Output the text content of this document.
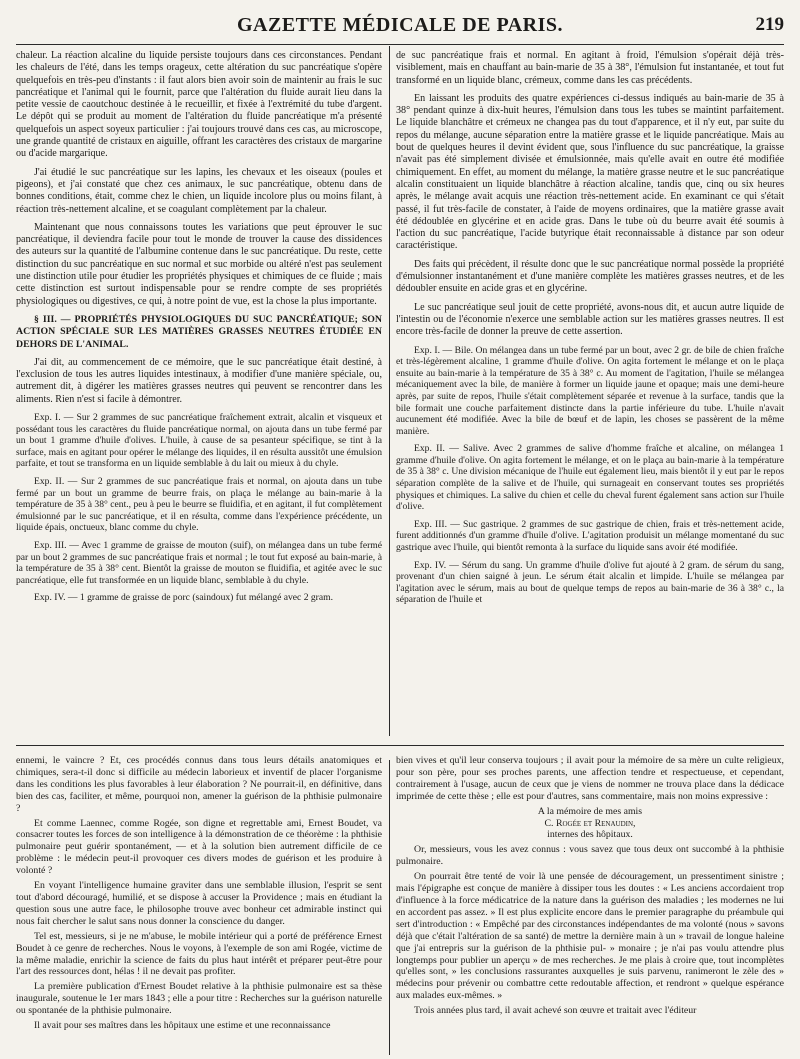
GAZETTE MÉDICALE DE PARIS.	219

chaleur. La réaction alcaline du liquide persiste toujours dans ces circonstances. Pendant les chaleurs de l'été, dans les temps orageux, cette altération du suc pancréatique s'opère quelquefois en très-peu d'instants : il faut alors bien avoir soin de maintenir au frais le suc pancréatique et l'animal qui le fournit, parce que l'altération du fluide aurait lieu dans la petite vessie de caoutchouc destinée à le recueillir, et fixée à l'extrémité du tube d'argent. Le dépôt qui se produit au moment de l'altération du fluide pancréatique m'a présenté quelquefois un aspect soyeux particulier : j'ai toujours trouvé dans ces cas, au microscope, une grande quantité de cristaux en aiguille, offrant les caractères des cristaux de margarine ou d'acide margarique.

J'ai étudié le suc pancréatique sur les lapins, les chevaux et les oiseaux (poules et pigeons), et j'ai constaté que chez ces animaux, le suc pancréatique, obtenu dans de bonnes conditions, était, comme chez le chien, un liquide incolore plus ou moins filant, à réaction très-nettement alcaline, et se coagulant complètement par la chaleur.

Maintenant que nous connaissons toutes les variations que peut éprouver le suc pancréatique, il deviendra facile pour tout le monde de trouver la cause des dissidences des auteurs sur la quantité de l'albumine contenue dans le suc pancréatique. Du reste, cette distinction du suc pancréatique en suc normal et suc morbide ou altéré n'est pas seulement une distinction utile pour étudier les propriétés physiques et chimiques de ce fluide ; mais cette distinction est surtout indispensable pour se rendre compte de ses propriétés physiologiques ou digestives, ce qui, à notre point de vue, est la chose la plus importante.

§ III. — PROPRIÉTÉS PHYSIOLOGIQUES DU SUC PANCRÉATIQUE; SON ACTION SPÉCIALE SUR LES MATIÈRES GRASSES NEUTRES ÉTUDIÉE EN DEHORS DE L'ANIMAL.

J'ai dit, au commencement de ce mémoire, que le suc pancréatique était destiné, à l'exclusion de tous les autres liquides intestinaux, à modifier d'une manière spéciale, ou, autrement dit, à digérer les matières grasses neutres qui peuvent se rencontrer dans les aliments. Rien n'est si facile à démontrer.

Exp. I. — Sur 2 grammes de suc pancréatique fraîchement extrait, alcalin et visqueux et possédant tous les caractères du fluide pancréatique normal, on ajouta dans un tube fermé par un bout 1 gramme d'huile d'olives. L'huile, à cause de sa pesanteur spécifique, se tint à la surface, mais en agitant pour opérer le mélange des liquides, il en résulta aussitôt une émulsion parfaite, et tout se transforma en un liquide semblable à du lait ou mieux à du chyle.

Exp. II. — Sur 2 grammes de suc pancréatique frais et normal, on ajouta dans un tube fermé par un bout un gramme de beurre frais, on plaça le mélange au bain-marie à la température de 35 à 38° cent., peu à peu le beurre se fluidifia, et en agitant, il fut complètement émulsionné par le suc pancréatique, et il en résulta, comme dans l'expérience précédente, un liquide épais, onctueux, blanc comme du chyle.

Exp. III. — Avec 1 gramme de graisse de mouton (suif), on mélangea dans un tube fermé par un bout 2 grammes de suc pancréatique frais et normal ; le tout fut exposé au bain-marie, à la température de 35 à 38° cent. Bientôt la graisse de mouton se fluidifia, et agitée avec le suc pancréatique, elle fut transformée en un liquide blanc, semblable à du chyle.

Exp. IV. — 1 gramme de graisse de porc (saindoux) fut mélangé avec 2 gram.

de suc pancréatique frais et normal. En agitant à froid, l'émulsion s'opérait déjà très-visiblement, mais en chauffant au bain-marie de 35 à 38°, l'émulsion fut instantanée, et tout fut transformé en un liquide blanc, crémeux, comme dans les cas précédents.

En laissant les produits des quatre expériences ci-dessus indiqués au bain-marie de 35 à 38° pendant quinze à dix-huit heures, l'émulsion dans tous les tubes se maintint parfaitement. Le liquide blanchâtre et crémeux ne changea pas du tout d'apparence, et il n'y eut, par suite du repos du mélange, aucune séparation entre la matière grasse et le liquide pancréatique. Mais au bout de quelques heures il devint évident que, sous l'influence du suc pancréatique, la graisse n'avait pas été simplement divisée et émulsionnée, mais qu'elle avait en outre été modifiée chimiquement. En effet, au moment du mélange, la matière grasse neutre et le suc pancréatique alcalin constituaient un liquide blanchâtre à réaction alcaline, tandis que, cinq ou six heures après, le mélange avait acquis une réaction très-nettement acide. En examinant ce qui s'était passé, il fut très-facile de constater, à l'aide de moyens ordinaires, que la matière grasse avait été dédoublée en glycérine et en acide gras. Dans le tube où du beurre avait été soumis à l'action du suc pancréatique, l'acide butyrique était reconnaissable à distance par son odeur caractéristique.

Des faits qui précèdent, il résulte donc que le suc pancréatique normal possède la propriété d'émulsionner instantanément et d'une manière complète les matières grasses neutres, et de les dédoubler ensuite en acide gras et en glycérine.

Le suc pancréatique seul jouit de cette propriété, avons-nous dit, et aucun autre liquide de l'intestin ou de l'économie n'exerce une semblable action sur les matières grasses neutres. Il est encore très-facile de donner la preuve de cette assertion.

Exp. I. — Bile. On mélangea dans un tube fermé par un bout, avec 2 gr. de bile de chien fraîche et très-légèrement alcaline, 1 gramme d'huile d'olive. On agita fortement le mélange et on le plaça ensuite au bain-marie à la température de 35 à 38° c. Au moment de l'agitation, l'huile se mélangea mécaniquement avec la bile, de manière à former un liquide jaune et opaque; mais une demi-heure après, par suite de repos, l'huile s'était complètement séparée et revenue à la surface, tandis que la bile formait une couche parfaitement distincte dans la partie inférieure du tube. L'huile n'avait aucunement été modifiée. Avec la bile de bœuf et de lapin, les choses se passèrent de la même manière.

Exp. II. — Salive. Avec 2 grammes de salive d'homme fraîche et alcaline, on mélangea 1 gramme d'huile d'olive. On agita fortement le mélange, et on le plaça au bain-marie à la température de 35 à 38° c. Une division mécanique de l'huile eut également lieu, mais bientôt il y eut par le repos séparation complète de la salive et de l'huile, qui surnageait en conservant toutes ses propriétés physiques et chimiques. La salive du chien et celle du cheval furent également sans action sur l'huile d'olive.

Exp. III. — Suc gastrique. 2 grammes de suc gastrique de chien, frais et très-nettement acide, furent additionnés d'un gramme d'huile d'olive. L'agitation produisit un mélange momentané du suc gastrique avec l'huile, qui bientôt remonta à la surface du liquide sans avoir été modifiée.

Exp. IV. — Sérum du sang. Un gramme d'huile d'olive fut ajouté à 2 gram. de sérum du sang, provenant d'un chien saigné à jeun. Le sérum était alcalin et limpide. L'huile se mélangea par l'agitation avec le sérum, mais au bout de quelque temps de repos au bain-marie de 36 à 38° c., la séparation de l'huile et

ennemi, le vaincre ? Et, ces procédés connus dans tous leurs détails anatomiques et chimiques, sera-t-il donc si difficile au médecin laborieux et inventif de placer l'organisme dans les conditions les plus favorables à leur élaboration ? Ne pourrait-il, en définitive, dans bien des cas, faciliter, et même, pourquoi non, amener la guérison de la phthisie pulmonaire ?

Et comme Laennec, comme Rogée, son digne et regrettable ami, Ernest Boudet, va consacrer toutes les forces de son intelligence à la démonstration de ce théorème : la phthisie pulmonaire peut guérir spontanément, — et à la solution bien autrement difficile de ce problème : le médecin peut-il provoquer ces divers modes de guérison et les produire à volonté ?

En voyant l'intelligence humaine graviter dans une semblable illusion, l'esprit se sent tout d'abord découragé, humilié, et se dispose à accuser la Providence ; mais en étudiant la question sous une autre face, le philosophe trouve avec bonheur cet admirable instinct qui nous fait chercher le salut sans nous donner la conscience du danger.

Tel est, messieurs, si je ne m'abuse, le mobile intérieur qui a porté de préférence Ernest Boudet à ce genre de recherches. Nous le voyons, à l'exemple de son ami Rogée, victime de la même maladie, enrichir la science de faits du plus haut intérêt et préparer peut-être pour l'art des ressources dont, hélas ! il ne devait pas profiter.

La première publication d'Ernest Boudet relative à la phthisie pulmonaire est sa thèse inaugurale, soutenue le 1er mars 1843 ; elle a pour titre : Recherches sur la guérison naturelle ou spontanée de la phthisie pulmonaire.

Il avait pour ses maîtres dans les hôpitaux une estime et une reconnaissance

bien vives et qu'il leur conserva toujours ; il avait pour la mémoire de sa mère un culte religieux, pour son père, pour ses proches parents, une affection tendre et respectueuse, et cependant, contrairement à l'usage, aucun de ceux que je viens de nommer ne trouva place dans la dédicace imprimée de cette thèse ; elle est pour d'autres, sans commentaire, mais non moins expressive :

A la mémoire de mes amis

C. Rogée et Renaudin,

internes des hôpitaux.

Or, messieurs, vous les avez connus : vous savez que tous deux ont succombé à la phthisie pulmonaire.

On pourrait être tenté de voir là une pensée de découragement, un pressentiment sinistre ; mais l'épigraphe est conçue de manière à dissiper tous les doutes : « Les anciens accordaient trop d'influence à la force médicatrice de la nature dans la guérison des maladies ; les modernes ne lui en accordent pas assez. » Il est plus explicite encore dans le premier paragraphe du préambule qui sert d'introduction : « Empêché par des circonstances indépendantes de ma volonté (nous » savons déjà que c'était l'altération de sa santé) de mettre la dernière main à un » travail de longue haleine que j'ai entrepris sur la guérison de la phthisie pul- » monaire ; je n'ai pas voulu attendre plus longtemps pour publier un aperçu » de mes recherches. Je me plais à croire que, tout incomplètes qu'elles sont, » les conclusions rassurantes auxquelles je suis parvenu, ranimeront le zèle des » médecins pour prévenir ou combattre cette redoutable affection, et rendront » quelque espérance aux malades eux-mêmes. »

Trois années plus tard, il avait achevé son œuvre et traitait avec l'éditeur
